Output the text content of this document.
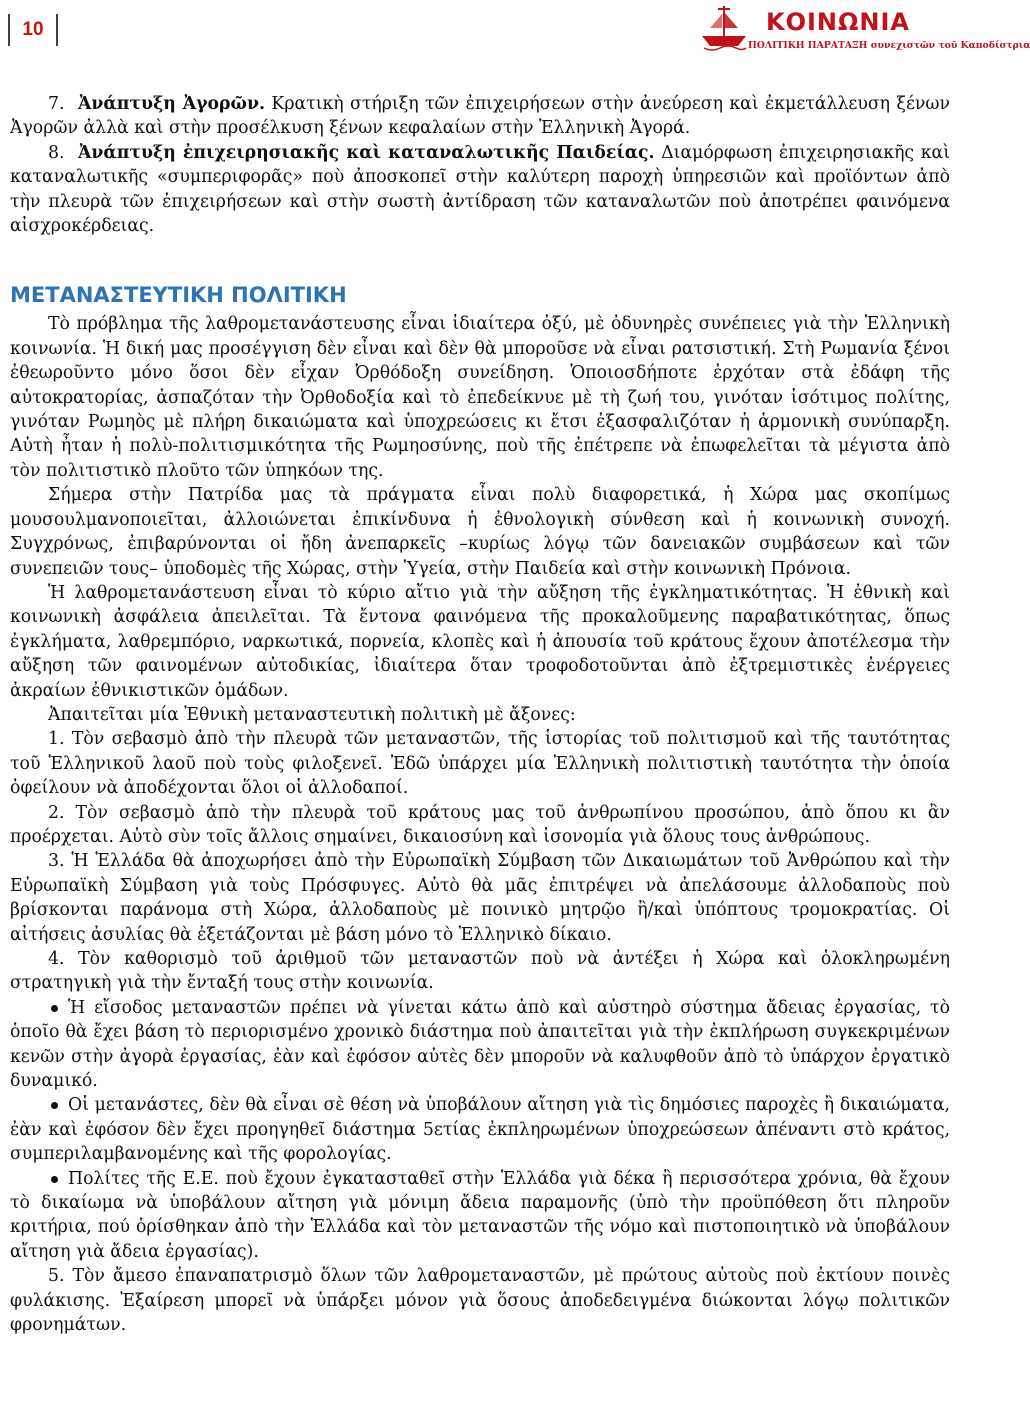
10	ΚΟΙΝΩΝΙΑ
ΠΟΛΙΤΙΚΗ ΠΑΡΑΤΑΞΗ συνεχιστῶν τοῦ Καποδίστρια

7. Ἀνάπτυξη Ἀγορῶν. Κρατικὴ στήριξη τῶν ἐπιχειρήσεων στὴν ἀνεύρεση καὶ ἐκμετάλλευση ξένων Ἀγορῶν ἀλλὰ καὶ στὴν προσέλκυση ξένων κεφαλαίων στὴν Ἑλληνικὴ Ἀγορά.

8. Ἀνάπτυξη ἐπιχειρησιακῆς καὶ καταναλωτικῆς Παιδείας. Διαμόρφωση ἐπιχειρησιακῆς καὶ καταναλωτικῆς «συμπεριφορᾶς» ποὺ ἀποσκοπεῖ στὴν καλύτερη παροχὴ ὑπηρεσιῶν καὶ προϊόντων ἀπὸ τὴν πλευρὰ τῶν ἐπιχειρήσεων καὶ στὴν σωστὴ ἀντίδραση τῶν καταναλωτῶν ποὺ ἀποτρέπει φαινόμενα αἰσχροκέρδειας.

ΜΕΤΑΝΑΣΤΕΥΤΙΚΗ ΠΟΛΙΤΙΚΗ

Τὸ πρόβλημα τῆς λαθρομετανάστευσης εἶναι ἰδιαίτερα ὀξύ, μὲ ὀδυνηρὲς συνέπειες γιὰ τὴν Ἑλληνικὴ κοινωνία. Ἡ δική μας προσέγγιση δὲν εἶναι καὶ δὲν θὰ μποροῦσε νὰ εἶναι ρατσιστική. Στὴ Ρωμανία ξένοι ἐθεωροῦντο μόνο ὅσοι δὲν εἶχαν Ὀρθόδοξη συνείδηση. Ὁποιοσδήποτε ἐρχόταν στὰ ἐδάφη τῆς αὐτοκρατορίας, ἀσπαζόταν τὴν Ὀρθοδοξία καὶ τὸ ἐπεδείκνυε μὲ τὴ ζωή του, γινόταν ἰσότιμος πολίτης, γινόταν Ρωμηὸς μὲ πλήρη δικαιώματα καὶ ὑποχρεώσεις κι ἔτσι ἐξασφαλιζόταν ἡ ἁρμονικὴ συνύπαρξη. Αὐτὴ ἦταν ἡ πολὺ-πολιτισμικότητα τῆς Ρωμηοσύνης, ποὺ τῆς ἐπέτρεπε νὰ ἐπωφελεῖται τὰ μέγιστα ἀπὸ τὸν πολιτιστικὸ πλοῦτο τῶν ὑπηκόων της.

Σήμερα στὴν Πατρίδα μας τὰ πράγματα εἶναι πολὺ διαφορετικά, ἡ Χώρα μας σκοπίμως μουσουλμανοποιεῖται, ἀλλοιώνεται ἐπικίνδυνα ἡ ἐθνολογικὴ σύνθεση καὶ ἡ κοινωνικὴ συνοχή. Συγχρόνως, ἐπιβαρύνονται οἱ ἤδη ἀνεπαρκεῖς –κυρίως λόγῳ τῶν δανειακῶν συμβάσεων καὶ τῶν συνεπειῶν τους– ὑποδομὲς τῆς Χώρας, στὴν Ὑγεία, στὴν Παιδεία καὶ στὴν κοινωνικὴ Πρόνοια.

Ἡ λαθρομετανάστευση εἶναι τὸ κύριο αἴτιο γιὰ τὴν αὔξηση τῆς ἐγκληματικότητας. Ἡ ἐθνικὴ καὶ κοινωνικὴ ἀσφάλεια ἀπειλεῖται. Τὰ ἔντονα φαινόμενα τῆς προκαλοῦμενης παραβατικότητας, ὅπως ἐγκλήματα, λαθρεμπόριο, ναρκωτικά, πορνεία, κλοπὲς καὶ ἡ ἀπουσία τοῦ κράτους ἔχουν ἀποτέλεσμα τὴν αὔξηση τῶν φαινομένων αὐτοδικίας, ἰδιαίτερα ὅταν τροφοδοτοῦνται ἀπὸ ἐξτρεμιστικὲς ἐνέργειες ἀκραίων ἐθνικιστικῶν ὁμάδων.

Ἀπαιτεῖται μία Ἐθνικὴ μεταναστευτικὴ πολιτικὴ μὲ ἄξονες:

1. Τὸν σεβασμὸ ἀπὸ τὴν πλευρὰ τῶν μεταναστῶν, τῆς ἱστορίας τοῦ πολιτισμοῦ καὶ τῆς ταυτότητας τοῦ Ἑλληνικοῦ λαοῦ ποὺ τοὺς φιλοξενεῖ. Ἐδῶ ὑπάρχει μία Ἑλληνικὴ πολιτιστικὴ ταυτότητα τὴν ὁποία ὀφείλουν νὰ ἀποδέχονται ὅλοι οἱ ἀλλοδαποί.

2. Τὸν σεβασμὸ ἀπὸ τὴν πλευρὰ τοῦ κράτους μας τοῦ ἀνθρωπίνου προσώπου, ἀπὸ ὅπου κι ἂν προέρχεται. Αὐτὸ σὺν τοῖς ἄλλοις σημαίνει, δικαιοσύνη καὶ ἰσονομία γιὰ ὅλους τους ἀνθρώπους.

3. Ἡ Ἑλλάδα θὰ ἀποχωρήσει ἀπὸ τὴν Εὐρωπαϊκὴ Σύμβαση τῶν Δικαιωμάτων τοῦ Ἀνθρώπου καὶ τὴν Εὐρωπαϊκὴ Σύμβαση γιὰ τοὺς Πρόσφυγες. Αὐτὸ θὰ μᾶς ἐπιτρέψει νὰ ἀπελάσουμε ἀλλοδαποὺς ποὺ βρίσκονται παράνομα στὴ Χώρα, ἀλλοδαποὺς μὲ ποινικὸ μητρῷο ἢ/καὶ ὑπόπτους τρομοκρατίας. Οἱ αἰτήσεις ἀσυλίας θὰ ἐξετάζονται μὲ βάση μόνο τὸ Ἑλληνικὸ δίκαιο.

4. Τὸν καθορισμὸ τοῦ ἀριθμοῦ τῶν μεταναστῶν ποὺ νὰ ἀντέξει ἡ Χώρα καὶ ὁλοκληρωμένη στρατηγικὴ γιὰ τὴν ἔνταξή τους στὴν κοινωνία.

Ἡ εἴσοδος μεταναστῶν πρέπει νὰ γίνεται κάτω ἀπὸ καὶ αὐστηρὸ σύστημα ἄδειας ἐργασίας, τὸ ὁποῖο θὰ ἔχει βάση τὸ περιορισμένο χρονικὸ διάστημα ποὺ ἀπαιτεῖται γιὰ τὴν ἐκπλήρωση συγκεκριμένων κενῶν στὴν ἀγορὰ ἐργασίας, ἐὰν καὶ ἐφόσον αὐτὲς δὲν μποροῦν νὰ καλυφθοῦν ἀπὸ τὸ ὑπάρχον ἐργατικὸ δυναμικό.

Οἱ μετανάστες, δὲν θὰ εἶναι σὲ θέση νὰ ὑποβάλουν αἴτηση γιὰ τὶς δημόσιες παροχὲς ἢ δικαιώματα, ἐὰν καὶ ἐφόσον δὲν ἔχει προηγηθεῖ διάστημα 5ετίας ἐκπληρωμένων ὑποχρεώσεων ἀπέναντι στὸ κράτος, συμπεριλαμβανομένης καὶ τῆς φορολογίας.

Πολίτες τῆς Ε.Ε. ποὺ ἔχουν ἐγκατασταθεῖ στὴν Ἑλλάδα γιὰ δέκα ἢ περισσότερα χρόνια, θὰ ἔχουν τὸ δικαίωμα νὰ ὑποβάλουν αἴτηση γιὰ μόνιμη ἄδεια παραμονῆς (ὑπὸ τὴν προϋπόθεση ὅτι πληροῦν κριτήρια, πού ὁρίσθηκαν ἀπὸ τὴν Ἑλλάδα καὶ τὸν μεταναστῶν τῆς νόμο καὶ πιστοποιητικὸ νὰ ὑποβάλουν αἴτηση γιὰ ἄδεια ἐργασίας).

5. Τὸν ἄμεσο ἐπαναπατρισμὸ ὅλων τῶν λαθρομεταναστῶν, μὲ πρώτους αὐτοὺς ποὺ ἐκτίουν ποινὲς φυλάκισης. Ἐξαίρεση μπορεῖ νὰ ὑπάρξει μόνον γιὰ ὅσους ἀποδεδειγμένα διώκονται λόγῳ πολιτικῶν φρονημάτων.
